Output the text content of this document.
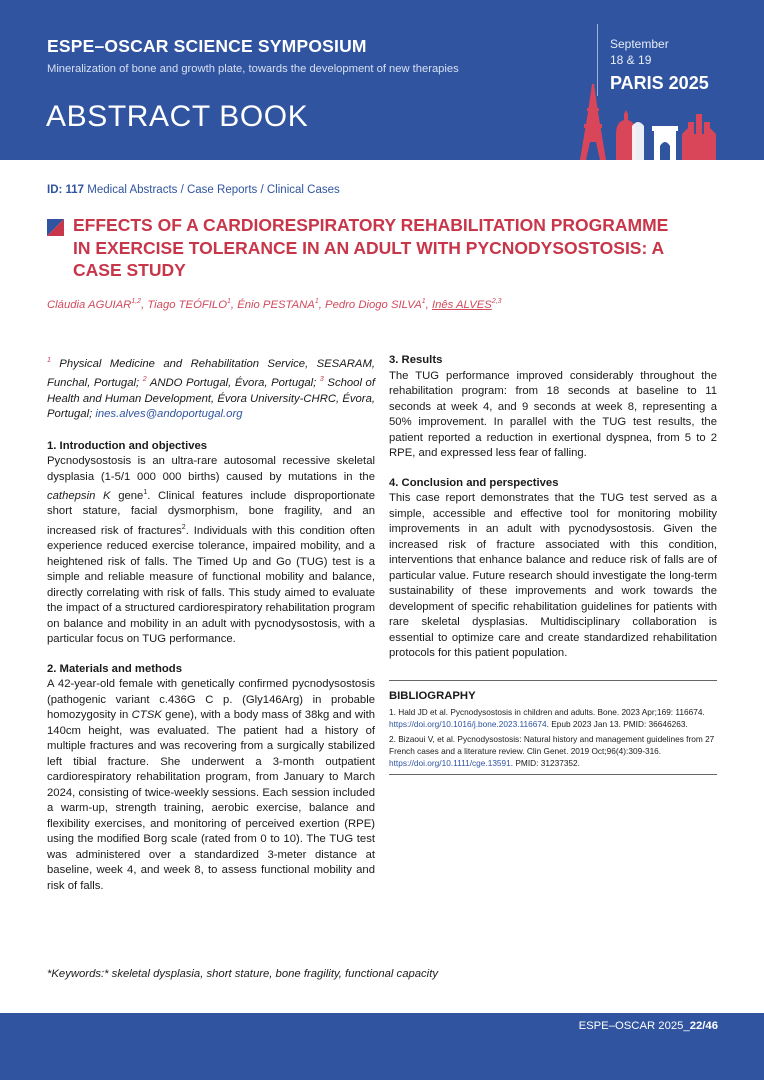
ESPE–OSCAR SCIENCE SYMPOSIUM
Mineralization of bone and growth plate, towards the development of new therapies
ABSTRACT BOOK
September
18 & 19
PARIS 2025
ID: 117 Medical Abstracts / Case Reports / Clinical Cases
EFFECTS OF A CARDIORESPIRATORY REHABILITATION PROGRAMME IN EXERCISE TOLERANCE IN AN ADULT WITH PYCNODYSOSTOSIS: A CASE STUDY
Cláudia AGUIAR$^{1,2}$, Tiago TEÓFILO$^1$, Énio PESTANA$^1$, Pedro Diogo SILVA$^1$, Inês ALVES$^{2,3}$

$^1$ Physical Medicine and Rehabilitation Service, SESARAM, Funchal, Portugal; $^2$ ANDO Portugal, Évora, Portugal; $^3$ School of Health and Human Development, Évora University-CHRC, Évora, Portugal; ines.alves@andoportugal.org

1. Introduction and objectives

Pycnodysostosis is an ultra-rare autosomal recessive skeletal dysplasia (1-5/1 000 000 births) caused by mutations in the cathepsin K gene$^1$. Clinical features include disproportionate short stature, facial dysmorphism, bone fragility, and an increased risk of fractures$^2$. Individuals with this condition often experience reduced exercise tolerance, impaired mobility, and a heightened risk of falls. The Timed Up and Go (TUG) test is a simple and reliable measure of functional mobility and balance, directly correlating with risk of falls. This study aimed to evaluate the impact of a structured cardiorespiratory rehabilitation program on balance and mobility in an adult with pycnodysostosis, with a particular focus on TUG performance.

2. Materials and methods

A 42-year-old female with genetically confirmed pycnodysostosis (pathogenic variant c.436G C p. (Gly146Arg) in probable homozygosity in CTSK gene), with a body mass of 38kg and with 140cm height, was evaluated. The patient had a history of multiple fractures and was recovering from a surgically stabilized left tibial fracture. She underwent a 3-month outpatient cardiorespiratory rehabilitation program, from January to March 2024, consisting of twice-weekly sessions. Each session included a warm-up, strength training, aerobic exercise, balance and flexibility exercises, and monitoring of perceived exertion (RPE) using the modified Borg scale (rated from 0 to 10). The TUG test was administered over a standardized 3-meter distance at baseline, week 4, and week 8, to assess functional mobility and risk of falls.

3. Results

The TUG performance improved considerably throughout the rehabilitation program: from 18 seconds at baseline to 11 seconds at week 4, and 9 seconds at week 8, representing a 50% improvement. In parallel with the TUG test results, the patient reported a reduction in exertional dyspnea, from 5 to 2 RPE, and expressed less fear of falling.

4. Conclusion and perspectives

This case report demonstrates that the TUG test served as a simple, accessible and effective tool for monitoring mobility improvements in an adult with pycnodysostosis. Given the increased risk of fracture associated with this condition, interventions that enhance balance and reduce risk of falls are of particular value. Future research should investigate the long-term sustainability of these improvements and work towards the development of specific rehabilitation guidelines for patients with rare skeletal dysplasias. Multidisciplinary collaboration is essential to optimize care and create standardized rehabilitation protocols for this patient population.

BIBLIOGRAPHY
1. Hald JD et al. Pycnodysostosis in children and adults. Bone. 2023 Apr;169: 116674. https://doi.org/10.1016/j.bone.2023.116674. Epub 2023 Jan 13. PMID: 36646263.
2. Bizaoui V, et al. Pycnodysostosis: Natural history and management guidelines from 27 French cases and a literature review. Clin Genet. 2019 Oct;96(4):309-316. https://doi.org/10.1111/cge.13591. PMID: 31237352.
*Keywords:* skeletal dysplasia, short stature, bone fragility, functional capacity
ESPE–OSCAR 2025_22/46
